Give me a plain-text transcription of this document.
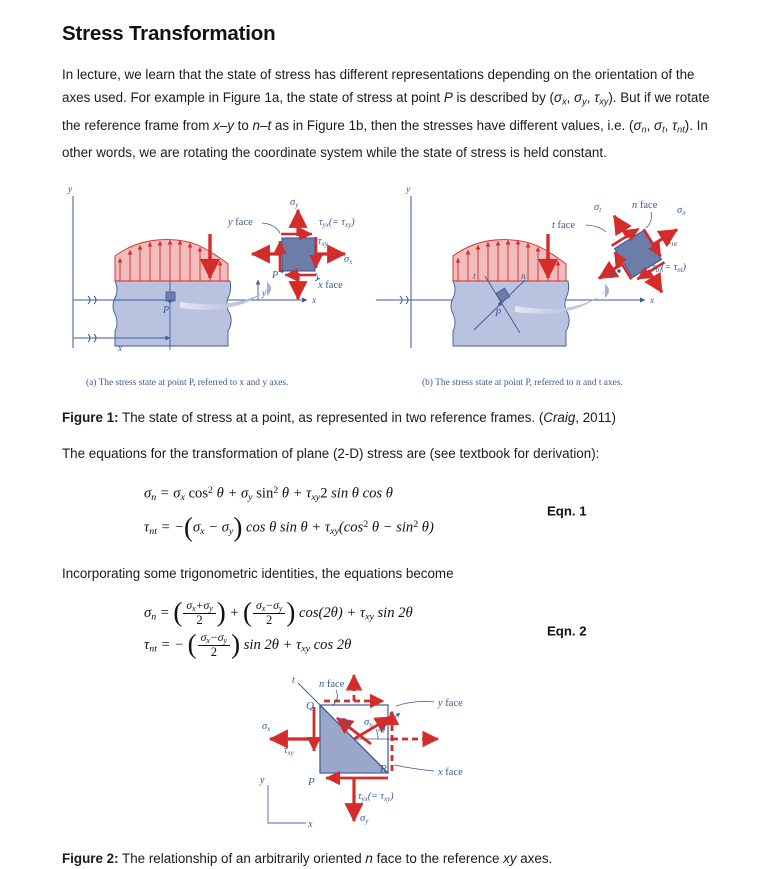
Stress Transformation

In lecture, we learn that the state of stress has different representations depending on the orientation of the axes used. For example in Figure 1a, the state of stress at point P is described by ($\sigma_x$, $\sigma_y$, $\tau_{xy}$). But if we rotate the reference frame from x–y to n–t as in Figure 1b, then the stresses have different values, i.e. ($\sigma_n$, $\sigma_t$, $\tau_{nt}$). In other words, we are rotating the coordinate system while the state of stress is held constant.

y
x
P
y
x
P
σx
σy
$\tau_{yx}(= \tau_{xy})$
$\tau_{xy}$
y face
x face
y
x
P
t	n	P
σn
σt
$\tau_{nt}$
$\tau_{tn}(= \tau_{nt})$
n face
t face
(a) The stress state at point P, referred to x and y axes.	(b) The stress state at point P, referred to n and t axes.

Figure 1: The state of stress at a point, as represented in two reference frames. (Craig, 2011)

The equations for the transformation of plane (2-D) stress are (see textbook for derivation):

$\sigma_n = \sigma_x$ $\cos^2 \theta + \sigma_y$ $\sin^2 \theta + \tau_{xy}2$ sin θ cos θ
$\tau_{nt} = -(\sigma_x - \sigma_y)$ cos θ $\sin \theta + \tau_{xy}(\cos^2$ $\theta - \sin^2 \theta$)
Eqn. 1

Incorporating some trigonometric identities, the equations become

$\sigma_n$ = ( $\frac{\sigma_x+\sigma_y}{2}$ ) + ( $\frac{\sigma_x-\sigma_y}{2}$ ) $\cos(2\theta) + \tau_{xy}$ sin 2θ
$\tau_{nt}$ = − ( $\frac{\sigma_x-\sigma_y}{2}$ ) $\sin 2\theta + \tau_{xy}$ cos 2θ
Eqn. 2
t
θ
n
$\tau_{nt}$ σn
σx
$\tau_{xy}$
σy
$\tau_{yx}(= \tau_{xy})$
Q
P
R
n face
y face
x face
y
x

Figure 2: The relationship of an arbitrarily oriented n face to the reference xy axes.
